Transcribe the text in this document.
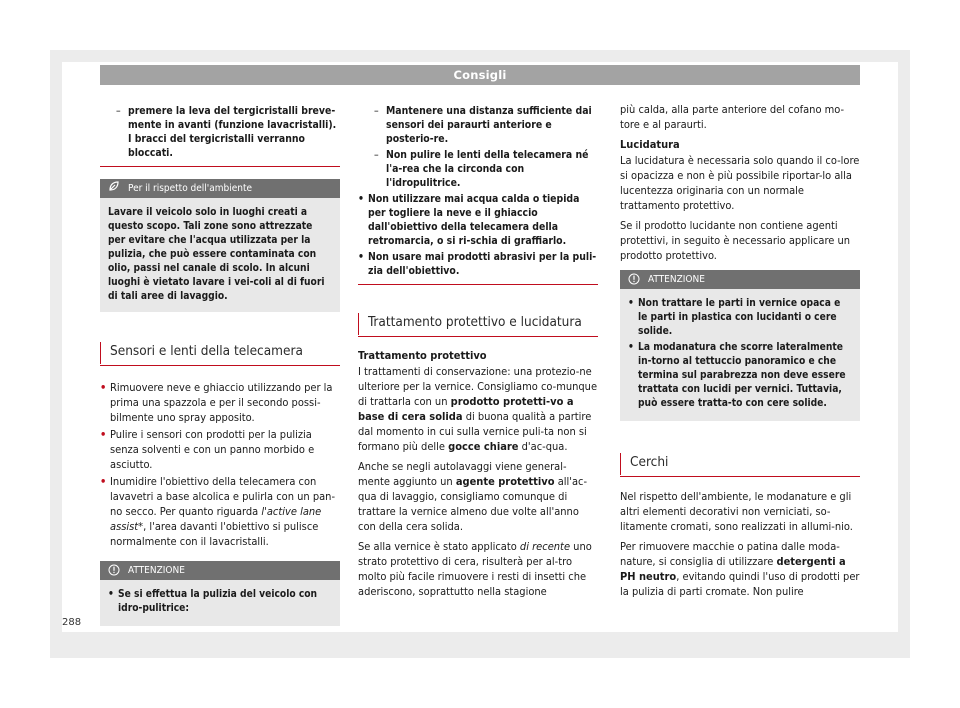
Consigli
– premere la leva del tergicristalli breve-mente in avanti (funzione lavacristalli). I bracci del tergicristalli verranno bloccati.
Per il rispetto dell'ambiente

Lavare il veicolo solo in luoghi creati a questo scopo. Tali zone sono attrezzate per evitare che l'acqua utilizzata per la pulizia, che può essere contaminata con olio, passi nel canale di scolo. In alcuni luoghi è vietato lavare i vei-coli al di fuori di tali aree di lavaggio.

Sensori e lenti della telecamera
• Rimuovere neve e ghiaccio utilizzando per la prima una spazzola e per il secondo possi-bilmente uno spray apposito.
• Pulire i sensori con prodotti per la pulizia senza solventi e con un panno morbido e asciutto.
• Inumidire l'obiettivo della telecamera con lavavetri a base alcolica e pulirla con un pan-no secco. Per quanto riguarda l'active lane assist*, l'area davanti l'obiettivo si pulisce normalmente con il lavacristalli.
ATTENZIONE

• Se si effettua la pulizia del veicolo con idro-pulitrice:

– Mantenere una distanza sufficiente dai sensori dei paraurti anteriore e posterio-re.
– Non pulire le lenti della telecamera né l'a-rea che la circonda con l'idropulitrice.
• Non utilizzare mai acqua calda o tiepida per togliere la neve e il ghiaccio dall'obiettivo della telecamera della retromarcia, o si ri-schia di graffiarlo.
• Non usare mai prodotti abrasivi per la puli-zia dell'obiettivo.
Trattamento protettivo e lucidatura
Trattamento protettivo
I trattamenti di conservazione: una protezio-ne ulteriore per la vernice. Consigliamo co-munque di trattarla con un prodotto protetti-vo a base di cera solida di buona qualità a partire dal momento in cui sulla vernice puli-ta non si formano più delle gocce chiare d'ac-qua.
Anche se negli autolavaggi viene general-mente aggiunto un agente protettivo all'ac-qua di lavaggio, consigliamo comunque di trattare la vernice almeno due volte all'anno con della cera solida.
Se alla vernice è stato applicato di recente uno strato protettivo di cera, risulterà per al-tro molto più facile rimuovere i resti di insetti che aderiscono, soprattutto nella stagione
più calda, alla parte anteriore del cofano mo-tore e al paraurti.
Lucidatura
La lucidatura è necessaria solo quando il co-lore si opacizza e non è più possibile riportar-lo alla lucentezza originaria con un normale trattamento protettivo.
Se il prodotto lucidante non contiene agenti protettivi, in seguito è necessario applicare un prodotto protettivo.
ATTENZIONE

• Non trattare le parti in vernice opaca e le parti in plastica con lucidanti o cere solide.

• La modanatura che scorre lateralmente in-torno al tettuccio panoramico e che termina sul parabrezza non deve essere trattata con lucidi per vernici. Tuttavia, può essere tratta-to con cere solide.

Cerchi
Nel rispetto dell'ambiente, le modanature e gli altri elementi decorativi non verniciati, so-litamente cromati, sono realizzati in allumi-nio.
Per rimuovere macchie o patina dalle moda-nature, si consiglia di utilizzare detergenti a PH neutro, evitando quindi l'uso di prodotti per la pulizia di parti cromate. Non pulire
288
